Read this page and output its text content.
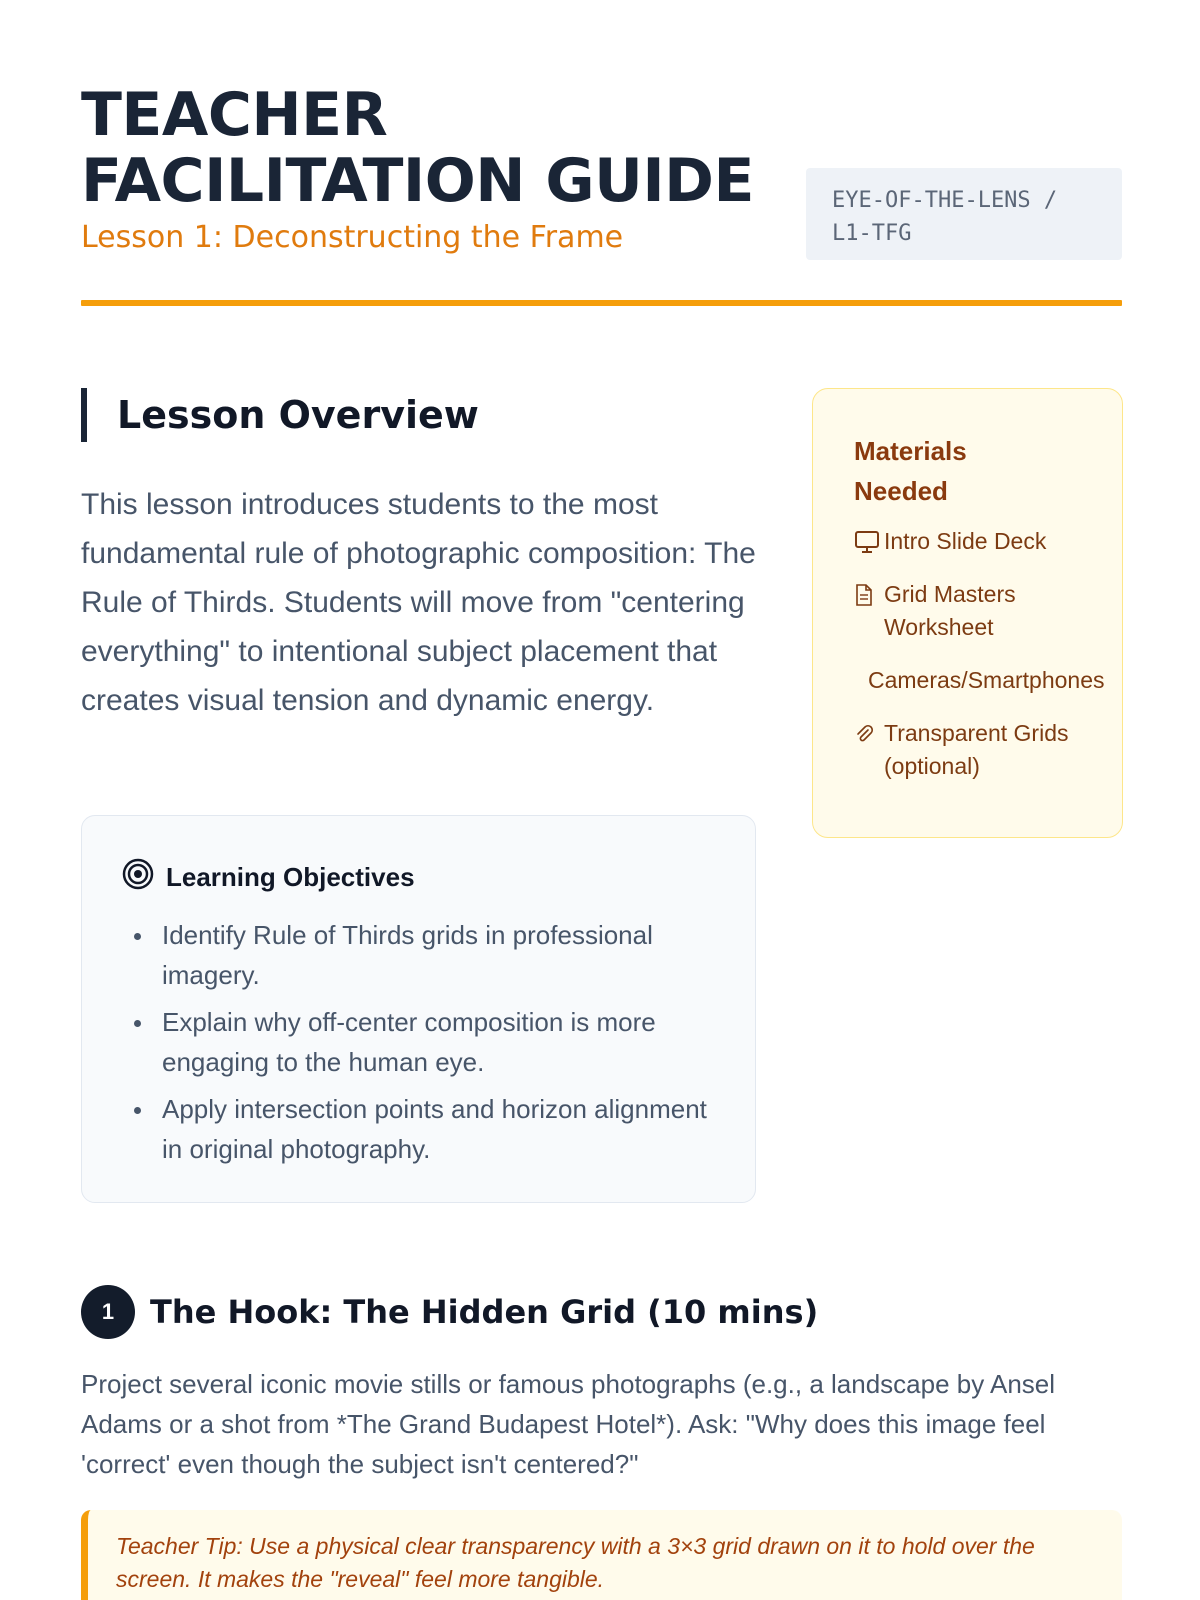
TEACHER FACILITATION GUIDE
Lesson 1: Deconstructing the Frame
EYE-OF-THE-LENS / L1-TFG
Lesson Overview

This lesson introduces students to the most fundamental rule of photographic composition: The Rule of Thirds. Students will move from "centering everything" to intentional subject placement that creates visual tension and dynamic energy.

Learning Objectives
Identify Rule of Thirds grids in professional imagery.
Explain why off-center composition is more engaging to the human eye.
Apply intersection points and horizon alignment in original photography.
Materials Needed
Intro Slide Deck
Grid Masters Worksheet
Cameras/Smartphones
Transparent Grids (optional)
1	The Hook: The Hidden Grid (10 mins)

Project several iconic movie stills or famous photographs (e.g., a landscape by Ansel Adams or a shot from *The Grand Budapest Hotel*). Ask: "Why does this image feel 'correct' even though the subject isn't centered?"

Teacher Tip: Use a physical clear transparency with a 3×3 grid drawn on it to hold over the screen. It makes the "reveal" feel more tangible.
